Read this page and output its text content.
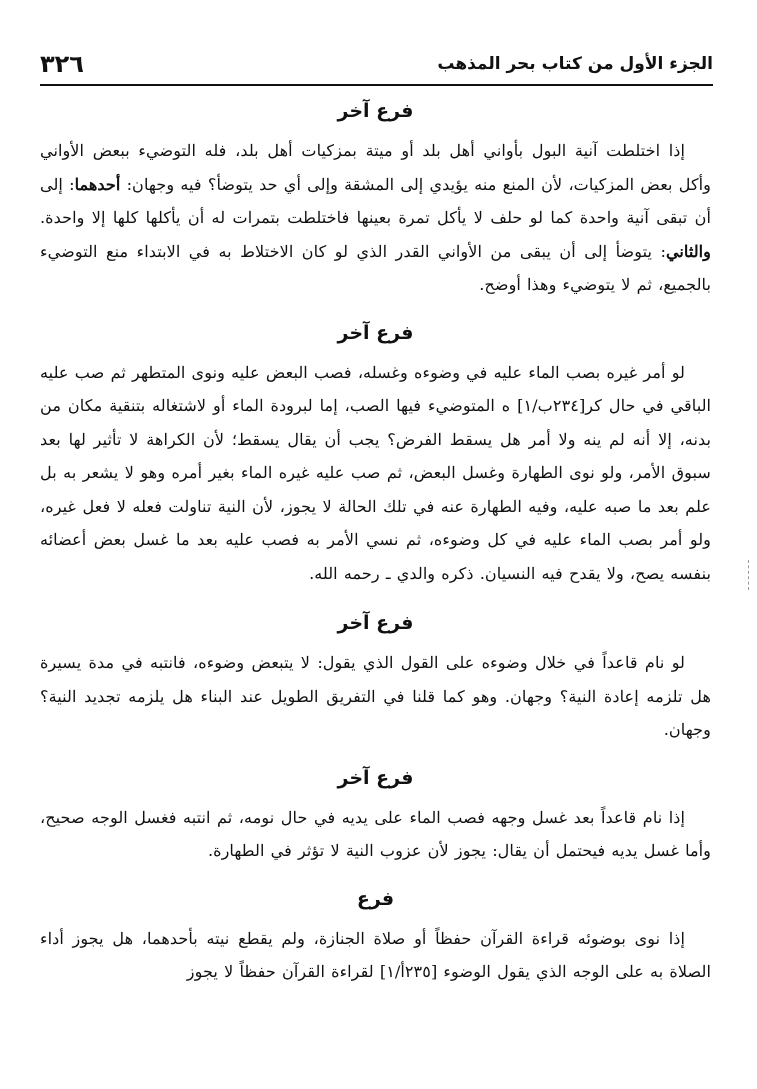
٣٢٦	الجزء الأول من كتاب بحر المذهب
فرع آخر

إذا اختلطت آنية البول بأواني أهل بلد أو ميتة بمزكيات أهل بلد، فله التوضيء ببعض الأواني وأكل بعض المزكيات، لأن المنع منه يؤيدي إلى المشقة وإلى أي حد يتوضأ؟ فيه وجهان: أحدهما: إلى أن تبقى آنية واحدة كما لو حلف لا يأكل تمرة بعينها فاختلطت بتمرات له أن يأكلها كلها إلا واحدة. والثاني: يتوضأ إلى أن يبقى من الأواني القدر الذي لو كان الاختلاط به في الابتداء منع التوضيء بالجميع، ثم لا يتوضيء وهذا أوضح.

فرع آخر

لو أمر غيره بصب الماء عليه في وضوءه وغسله، فصب البعض عليه ونوى المتطهر ثم صب عليه الباقي في حال كر[٢٣٤ب/١] ه المتوضيء فيها الصب، إما لبرودة الماء أو لاشتغاله بتنقية مكان من بدنه، إلا أنه لم ينه ولا أمر هل يسقط الفرض؟ يجب أن يقال يسقط؛ لأن الكراهة لا تأثير لها بعد سبوق الأمر، ولو نوى الطهارة وغسل البعض، ثم صب عليه غيره الماء بغير أمره وهو لا يشعر به بل علم بعد ما صبه عليه، وفيه الطهارة عنه في تلك الحالة لا يجوز، لأن النية تناولت فعله لا فعل غيره، ولو أمر بصب الماء عليه في كل وضوءه، ثم نسي الأمر به فصب عليه بعد ما غسل بعض أعضائه بنفسه يصح، ولا يقدح فيه النسيان. ذكره والدي ـ رحمه الله.

فرع آخر

لو نام قاعداً في خلال وضوءه على القول الذي يقول: لا يتبعض وضوءه، فانتبه في مدة يسيرة هل تلزمه إعادة النية؟ وجهان. وهو كما قلنا في التفريق الطويل عند البناء هل يلزمه تجديد النية؟ وجهان.

فرع آخر

إذا نام قاعداً بعد غسل وجهه فصب الماء على يديه في حال نومه، ثم انتبه فغسل الوجه صحيح، وأما غسل يديه فيحتمل أن يقال: يجوز لأن عزوب النية لا تؤثر في الطهارة.

فرع

إذا نوى بوضوئه قراءة القرآن حفظاً أو صلاة الجنازة، ولم يقطع نيته بأحدهما، هل يجوز أداء الصلاة به على الوجه الذي يقول الوضوء [٢٣٥أ/١] لقراءة القرآن حفظاً لا يجوز
